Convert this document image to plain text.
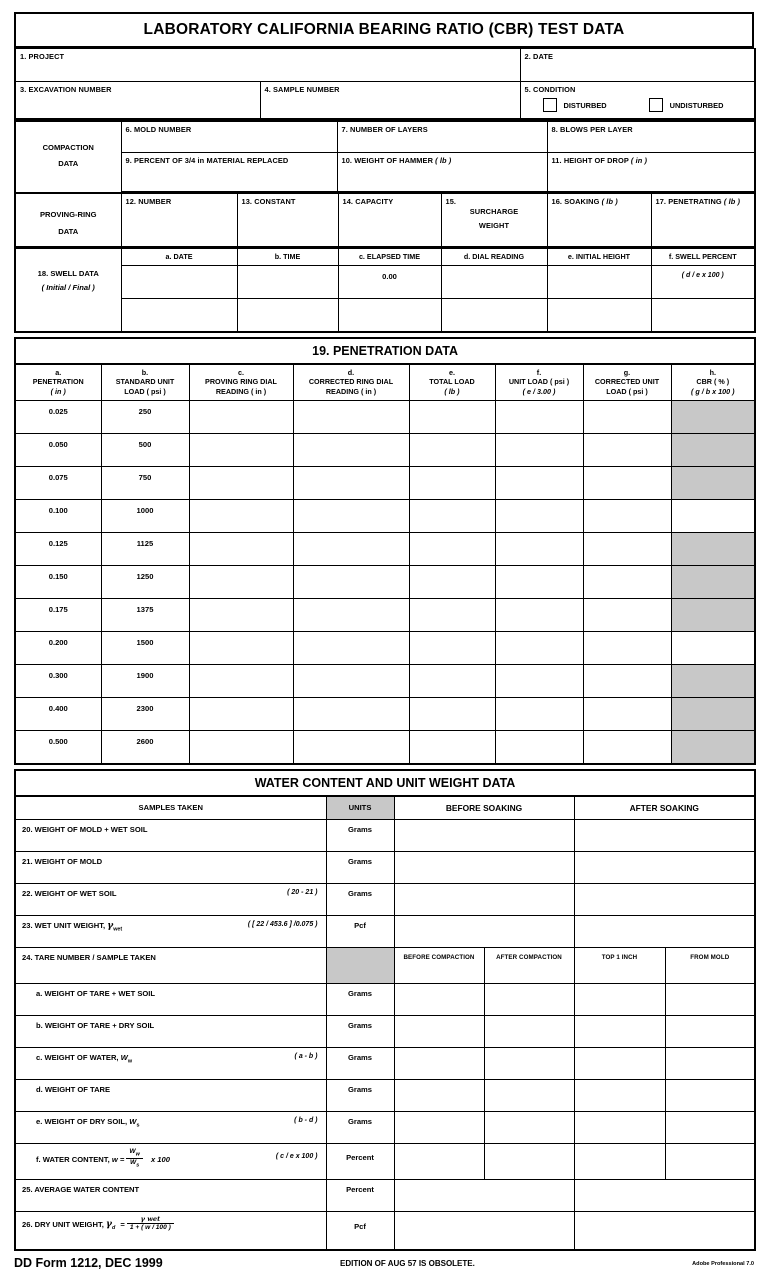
LABORATORY CALIFORNIA BEARING RATIO (CBR) TEST DATA
1. PROJECT		2. DATE

3. EXCAVATION NUMBER	4. SAMPLE NUMBER	5. CONDITION
DISTURBED UNDISTURBED
COMPACTION
DATA	6. MOLD NUMBER	7. NUMBER OF LAYERS	8. BLOWS PER LAYER

	9. PERCENT OF 3/4 in MATERIAL REPLACED	10. WEIGHT OF HAMMER ( lb )	11. HEIGHT OF DROP ( in )
PROVING-RING
DATA

12. NUMBER	13. CONSTANT	14. CAPACITY	15.
SURCHARGE
WEIGHT

16. SOAKING ( lb )	17. PENETRATING ( lb )
18. SWELL DATA
( Initial / Final )	a. DATE	b. TIME	c. ELAPSED TIME	d. DIAL READING	e. INITIAL HEIGHT	f. SWELL PERCENT
			0.00			( d / e x 100 )

19. PENETRATION DATA							

a.
PENETRATION
( in )

b.
STANDARD UNIT
LOAD ( psi )

c.
PROVING RING DIAL
READING ( in )

d.
CORRECTED RING DIAL
READING ( in )

e.
TOTAL LOAD
( lb )

f.
UNIT LOAD ( psi )
( e / 3.00 )

g.
CORRECTED UNIT
LOAD ( psi )

h.
CBR ( % )
( g / b x 100 )

0.025	250						
0.050	500						
0.075	750						
0.100	1000						
0.125	1125						
0.150	1250						
0.175	1375						
0.200	1500						
0.300	1900						
0.400	2300						
0.500	2600						
WATER CONTENT AND UNIT WEIGHT DATA					

SAMPLES TAKEN	UNITS	BEFORE SOAKING		AFTER SOAKING	
20. WEIGHT OF MOLD + WET SOIL	Grams				
21. WEIGHT OF MOLD	Grams				
22. WEIGHT OF WET SOIL ( 20 - 21 )	Grams				
23. WET UNIT WEIGHT, $\gamma_{wet}$
( [ 22 / 453.6 ] /0.075 )	Pcf				
24. TARE NUMBER / SAMPLE TAKEN		BEFORE COMPACTION	AFTER COMPACTION	TOP 1 INCH	FROM MOLD
a. WEIGHT OF TARE + WET SOIL	Grams				
b. WEIGHT OF TARE + DRY SOIL	Grams				
c. WEIGHT OF WATER, $W_w$
( a - b )	Grams				
d. WEIGHT OF TARE	Grams				
e. WEIGHT OF DRY SOIL, $W_s$
( b - d )	Grams				
f. WATER CONTENT, $w = \frac{W_w}{W_s}$ x 100 ( c / e x 100 )	Percent				
25. AVERAGE WATER CONTENT	Percent				
26. DRY UNIT WEIGHT, $\gamma_d = \frac{\text{γ wet}}{1 + ( w / 100 )}$	Pcf				
DD Form 1212, DEC 1999	EDITION OF AUG 57 IS OBSOLETE.	Adobe Professional 7.0
